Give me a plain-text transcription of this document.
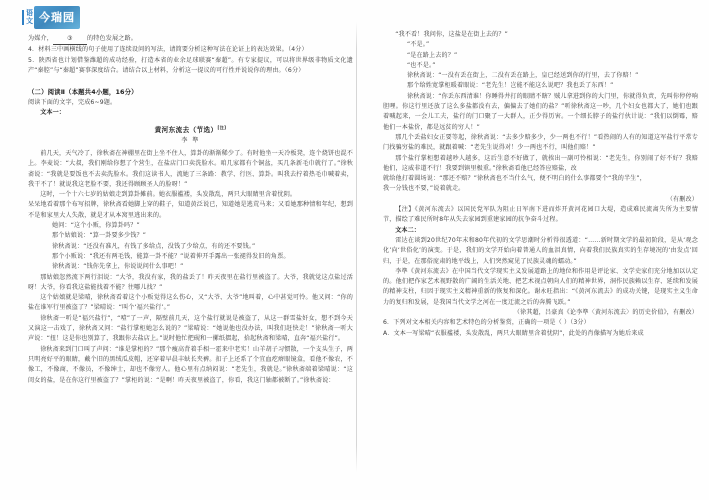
语
文 今瑞园

为媒介， ③ 的特色发展之路。

4．材料三中画横线的句子使用了连续设问的写法，请简要分析这种写法在论证上的表达效果。（4分）

5．陕西省也计划借鉴潍超的成功经验，打造本省的业余足球联赛“秦超”。有专家提议，可以将世界级非物质文化遗产“秦腔”与“秦超”赛事深度结合。请结合以上材料，分析这一提议的可行性并说说你的理由。（6分）

（二）阅读Ⅱ（本题共4小题，16分）

阅读下面的文字，完成6~9题。

文本一：

黄河东流去（节选）[注]

李 準

前几天，天气冷了，徐秋斋在神棚里在街上坐不住人，算卦的渐渐稀少了。有时他坐一天冷板凳，连个烧饼也混不上。李麦说：“大叔，我们刚给你想了个营生，在盐店门口卖洗脸水。咱几家都有个铜盆，买几条新毛巾就行了。”徐秋斋说：“我就是要饭也不去卖洗脸水。我们这读书人，流她了三条路：教学、行医、算卦。叫我去拧着热毛巾喊着卖，我干不了！就说我这老脸不要，我还得顾顾圣人的脸呀！”

这时，一个十六七岁的姑娘走到算卦摊前。她衣服褴褛，头发散乱，两只大眼睛里含着忧阴。

呆呆地看着那个布写招牌，徐秋斋看她脚上穿的鞋子，知道黄泛说已，知道她是逃荒马来；又看她那种情和年纪，想到不是和家里大人失散，就是才从本窝里逃出来的。

她问：“这个小贩，你算卦吗？”

那个姑娘说：“算一卦要多少钱？”

徐秋斋说：“还没有准凡，有钱了多给点，没钱了少给点，有的还不要钱。”

那个小贩说：“我还有两毛钱，能算一卦不能？”说着伸开手露出一张褪得发旧的角票。

徐秋斋说：“钱你先拿上，你说说问什么事吧！”

那姑娘忽然流下两行泪说：“大爷，我没有家，我的盐丢了！昨天夜里在盐行里被盗了。大爷，我就觉这点盐过活呀！大爷，你看我这盐能找着不能？往哪儿找？”

这个姑娘就是梁晴，徐秋斋看着这个小贩觉得这么伤心，又“大爷、大爷”地叫着，心中甚觉可怜。他又问：“你的盐在谁军行里被盗了？”梁晴说：“叫个‘福兴盐行’。”

徐秋斋一听是“福兴盐行”，“噎”了一声，隔壁前几天，这个盐行就说是被盗了，从这一群雪盐奸女，想不到今天又演这一击戏了，徐秋斋又问：“盐行掌柜她怎么说的？”梁晴说：“她说他也没办法，叫我们赶快走！”徐秋斋一听大声说：“扭！这是你也别算了，我跟你去盐店上。”说时他忙把砚和一摞纸摺起，拾起秋斋和梁晴，直奔“福兴盐行”。

徐秋斋来到门口叫了声问：“谁是掌柜的？”那个瘦高背着手相一霍来中老实！山羊胡子习惯散，一个支头生子，两只明亮好平的眼睛，戴个旧的黑绒瓜皮帽，还穿着早晨丰蚨长夹裤。扣子上还系了个宜血疙瘩眼镜盒，看他不像农，不像工，不像商，不像员，不像绅士，却也不像穷人。他心里有点纳闷说：“老先生，我就是。”徐秋斋端着梁晴说：“这闺女的盐，是在你这行里被盗了？”掌柜的说：“是啊！昨天夜里被盗了，你看，我这门轴都被断了。”徐秋斋说：

“我不看！我问你，这盐是在街上去的？”

“不是。”

“是在路上去的？”

“也不是。”

徐秋斋说：“一没有丢在街上，二没有丢在路上，皇已经送到你的行里，去了你赔！”

那个给姓宽掌柜暖着眼说：“老先生！岂能不能这么说吧？我也丢了东西！”

徐秋斋说：“你丢东西清谁！你睡得井打的眼睛不瞎？贼儿拿进到你的大门里，你就得负责，先叫你停停响胆哩。你这行里还放了这么多盐都没有去，偏偏去了她们的盐？”听徐秋斋这一吵，几个妇女也都大了，她们也跟着喊起来，一会儿工夫，盐行的门口聚了一大群人，正少得历害。一个细长脖子的盐行伙计说：“我们以倒霉，赔他们一本盐价，都是远贫的穷人！”

那几个丢盐妇女正要等起，徐秋斋说：“去多少赔多少，少一两也不行！”看热闹的人有的知道这军盐行平常专门找骗穷盐的难民，就跟着喊：“老先生说得对！少一两也不行，叫他们赔！”

那个盐行掌柜想着越吵人越多，这后生意不好做了，就挨出一副可怜相说：“老先生，你别闹了好不好？我赔他们，这威非道不行！我要到镇里极重。”徐秋斋看他已经答应赔盐，改

就给他打着圆场说：“那还不赔？”徐秋斋也不当什么气，便不明白的什么事都要个“我的半生”，

我一分钱也不要，”说着就走。

（有删改）

【注】《黄河东流去》以国民党军队为阻止日军南下进而炸开黄河花园口大堤，造成难民流离失所为主要情节，描绘了难民所时8年从失去家园到重建家园的抗争奋斗过程。

文本二：

雷达在谈到20世纪70年末和80年代初的文学思潮时分析得很透道：“……新时期文学的最初阶段，是从‘观念化’向‘世俗化’的演变。于是，我们的文学开始向着普通人的血泪真情，向着我们民族真实的生存境况的‘由发点’回归，于是，在那俗庞肃的地平线上，人们突然窥见了民族灵魂的蠕动。”

李準《黄河东流去》在中国当代文学现实主义发展道路上的地位和作用是评论家、文学史家们充分地加以认定的。他们把作家艺术视野散的广阔的生活关地、把艺术视点朝向人们的精神世界，洞作民族赖以生存、延续和发展的精神支柱，归因于现实主义精神重新的恢复和深化。谢永旺指出：“《黄河东流去》的成功关键，是现实主义生命力的复归和发展，是我国当代文学之河在一度迂流之后的奔腾飞跃。”

（徐其超，吕豪真《论李準〈黄河东流去〉的历史价值》，有删改）

6．下列对文本相关内容和艺术特色的分析鉴赏，正确的一项是（ ）（3分）

A．文本一写梁晴“衣服褴褛，头发散乱，两只大眼睛里含着忧阴”，此处的肖像描写为她后来成
